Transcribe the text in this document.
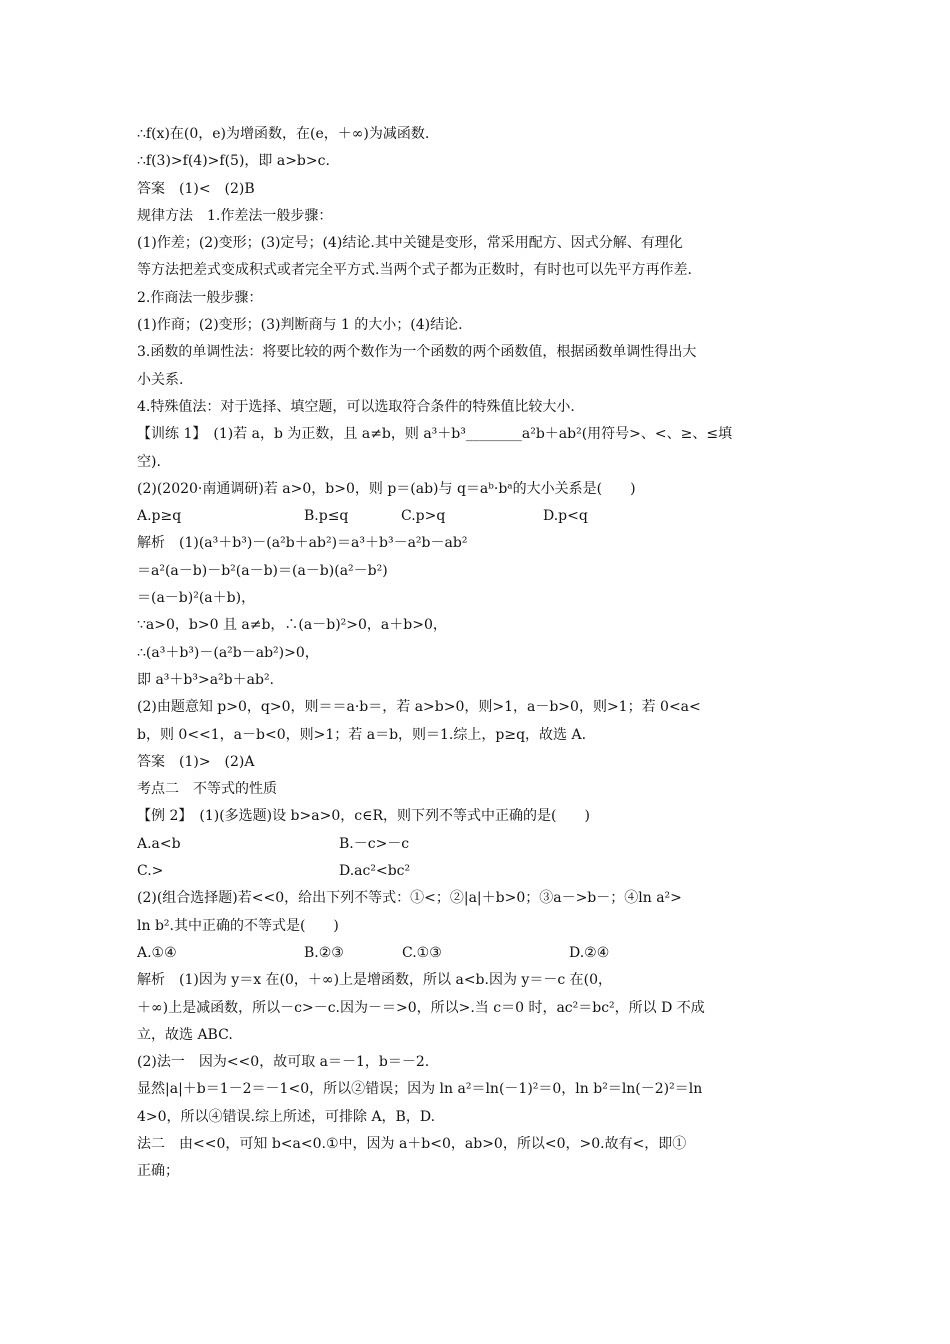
∴f(x)在(0，e)为增函数，在(e，＋∞)为减函数.
∴f(3)>f(4)>f(5)，即 a>b>c.
答案　(1)<　(2)B
规律方法　1.作差法一般步骤：
(1)作差；(2)变形；(3)定号；(4)结论.其中关键是变形，常采用配方、因式分解、有理化
等方法把差式变成积式或者完全平方式.当两个式子都为正数时，有时也可以先平方再作差.
2.作商法一般步骤：
(1)作商；(2)变形；(3)判断商与 1 的大小；(4)结论.
3.函数的单调性法：将要比较的两个数作为一个函数的两个函数值，根据函数单调性得出大
小关系.
4.特殊值法：对于选择、填空题，可以选取符合条件的特殊值比较大小.
【训练 1】　(1)若 a，b 为正数，且 a≠b，则 a³＋b³________a²b＋ab²(用符号>、<、≥、≤填
空).
(2)(2020·南通调研)若 a>0，b>0，则 p＝(ab)与 q＝aᵇ·bᵃ的大小关系是(　　)
A.p≥q	B.p≤q	C.p>q	D.p<q
解析　(1)(a³＋b³)－(a²b＋ab²)＝a³＋b³－a²b－ab²
＝a²(a－b)－b²(a－b)＝(a－b)(a²－b²)
＝(a－b)²(a＋b)，
∵a>0，b>0 且 a≠b，∴(a－b)²>0，a＋b>0，
∴(a³＋b³)－(a²b－ab²)>0，
即 a³＋b³>a²b＋ab².
(2)由题意知 p>0，q>0，则＝＝a·b＝，若 a>b>0，则>1，a－b>0，则>1；若 0<a<
b，则 0<<1，a－b<0，则>1；若 a＝b，则＝1.综上，p≥q，故选 A.
答案　(1)>　(2)A
考点二　不等式的性质
【例 2】　(1)(多选题)设 b>a>0，c∈R，则下列不等式中正确的是(　　)
A.a<b	B.－c>－c
C.>	D.ac²<bc²
(2)(组合选择题)若<<0，给出下列不等式：①<；②|a|＋b>0；③a－>b－；④ln a²>
ln b².其中正确的不等式是(　　)
A.①④	B.②③	C.①③	D.②④
解析　(1)因为 y＝x 在(0，＋∞)上是增函数，所以 a<b.因为 y＝－c 在(0，
＋∞)上是减函数，所以－c>－c.因为－＝>0，所以>.当 c＝0 时，ac²＝bc²，所以 D 不成
立，故选 ABC.
(2)法一　因为<<0，故可取 a＝－1，b＝－2.
显然|a|＋b＝1－2＝－1<0，所以②错误；因为 ln a²＝ln(－1)²＝0，ln b²＝ln(－2)²＝ln
4>0，所以④错误.综上所述，可排除 A，B，D.
法二　由<<0，可知 b<a<0.①中，因为 a＋b<0，ab>0，所以<0，>0.故有<，即①
正确；
